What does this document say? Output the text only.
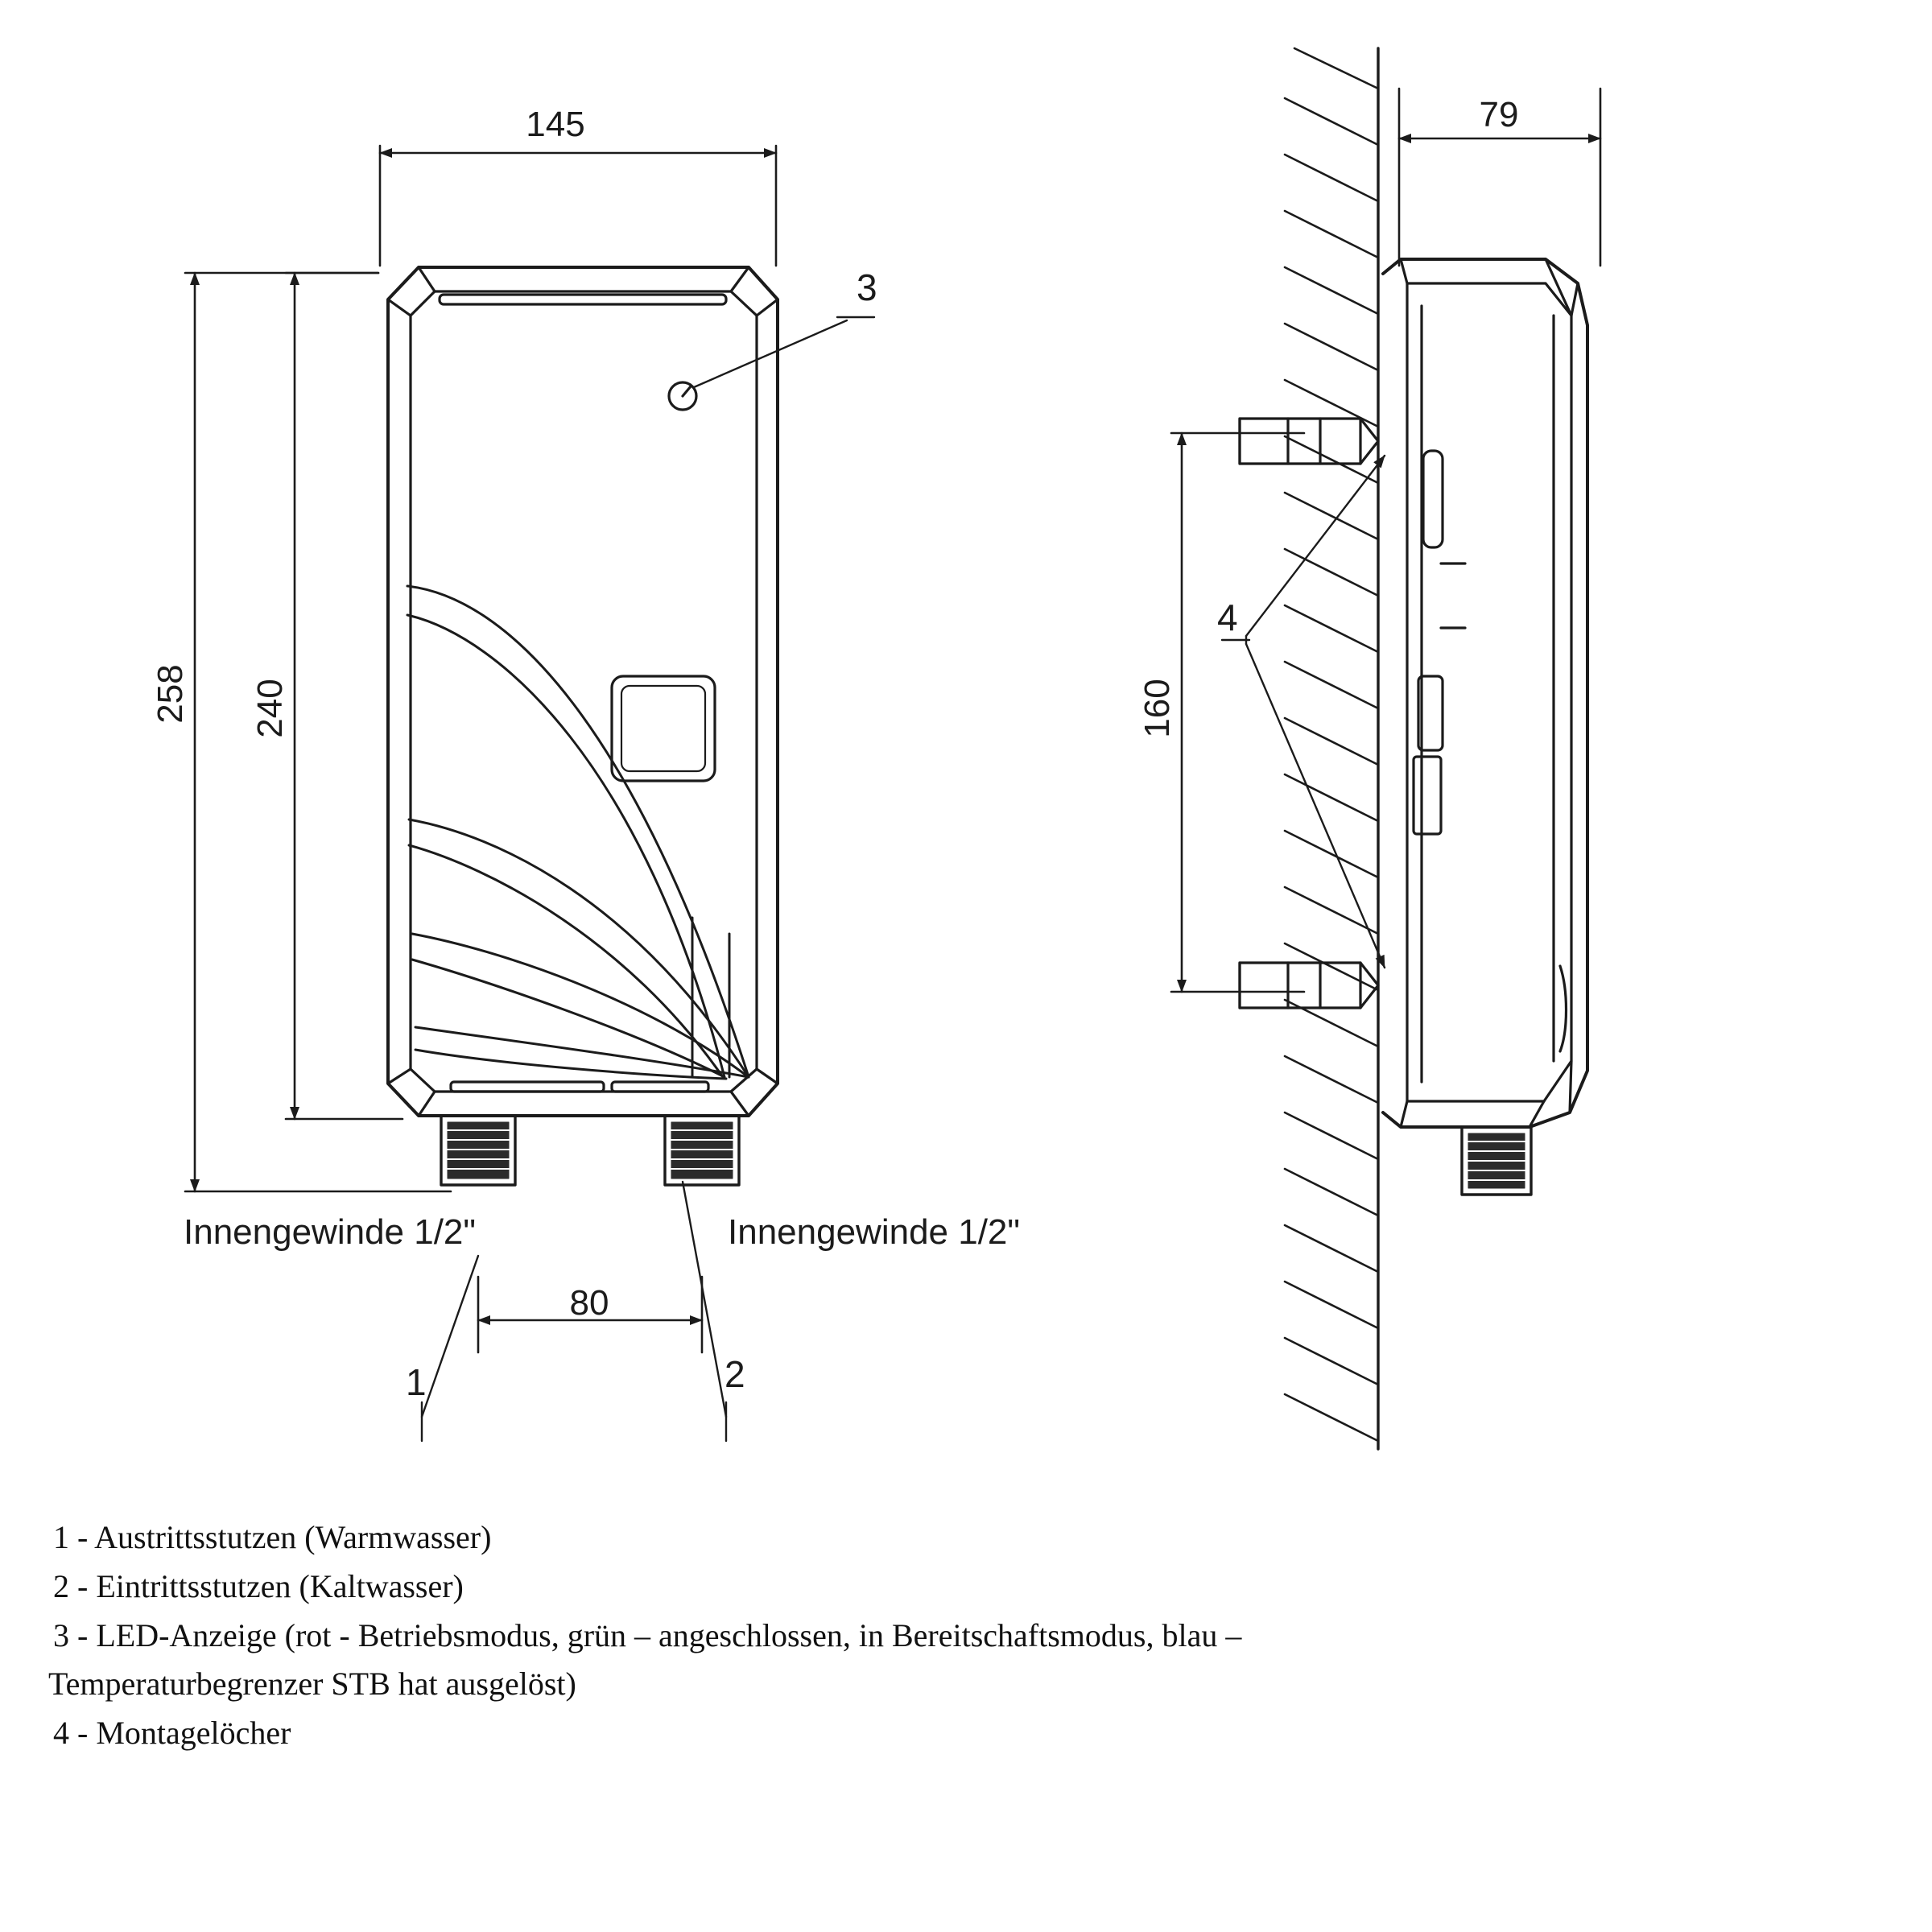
145
258 240
80
79
160
1	2
3
4
Innengewinde 1/2"	Innengewinde 1/2"
1 - Austrittsstutzen (Warmwasser)
2 - Eintrittsstutzen (Kaltwasser)
3 - LED-Anzeige (rot - Betriebsmodus, grün – angeschlossen, in Bereitschaftsmodus, blau –
Temperaturbegrenzer STB hat ausgelöst)
4 - Montagelöcher
